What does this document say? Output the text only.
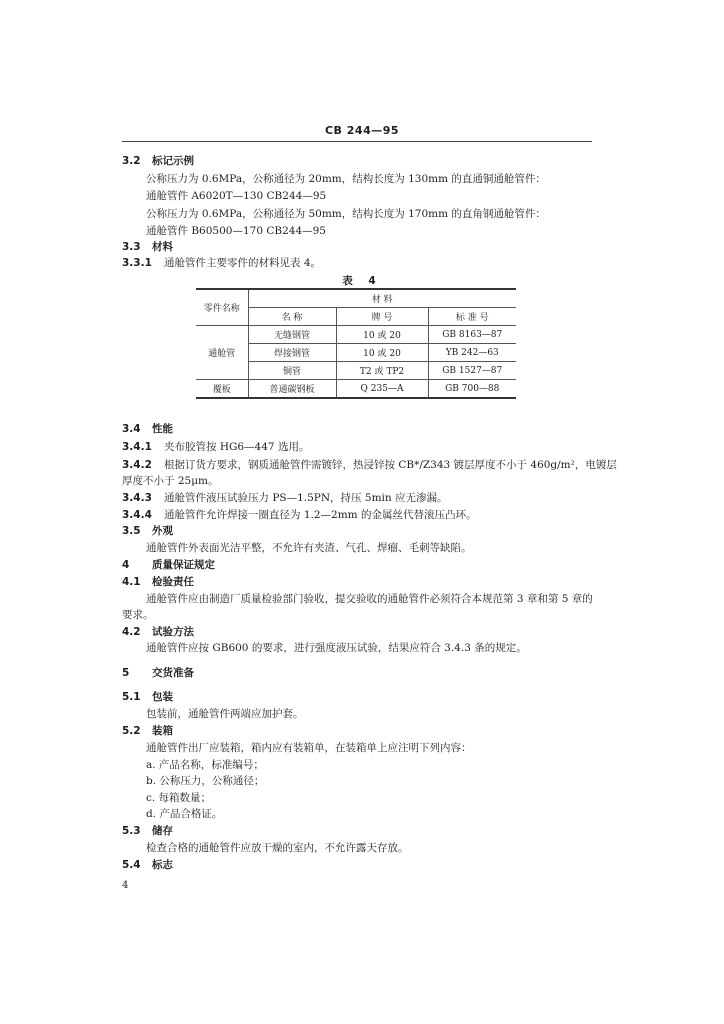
CB 244—95
3.2 标记示例
公称压力为 0.6MPa，公称通径为 20mm，结构长度为 130mm 的直通铜通舱管件：
通舱管件 A6020T—130 CB244—95
公称压力为 0.6MPa，公称通径为 50mm，结构长度为 170mm 的直角钢通舱管件：
通舱管件 B60500—170 CB244—95
3.3 材料
3.3.1 通舱管件主要零件的材料见表 4。
表 4
零件名称	材 料		
	名 称	牌 号	标 准 号
通舱管	无缝钢管	10 或 20	GB 8163—87
	焊接钢管	10 或 20	YB 242—63
	铜管	T2 或 TP2	GB 1527—87
覆板	普通碳钢板	Q 235—A	GB 700—88
3.4 性能
3.4.1 夹布胶管按 HG6—447 选用。
3.4.2 根据订货方要求，钢质通舱管件需镀锌，热浸锌按 CB*/Z343 镀层厚度不小于 460g/m²，电镀层
厚度不小于 25μm。
3.4.3 通舱管件液压试验压力 PS—1.5PN，持压 5min 应无渗漏。
3.4.4 通舱管件允许焊接一圈直径为 1.2—2mm 的金属丝代替滚压凸环。
3.5 外观
通舱管件外表面光洁平整，不允许有夹渣、气孔、焊瘤、毛刺等缺陷。
4 质量保证规定
4.1 检验责任
通舱管件应由制造厂质量检验部门验收，提交验收的通舱管件必须符合本规范第 3 章和第 5 章的
要求。
4.2 试验方法
通舱管件应按 GB600 的要求，进行强度液压试验，结果应符合 3.4.3 条的规定。
5 交货准备
5.1 包装
包装前，通舱管件两端应加护套。
5.2 装箱
通舱管件出厂应装箱，箱内应有装箱单，在装箱单上应注明下列内容：
a. 产品名称，标准编号；
b. 公称压力，公称通径；
c. 每箱数量；
d. 产品合格证。
5.3 储存
检查合格的通舱管件应放干燥的室内，不允许露天存放。
5.4 标志
4
